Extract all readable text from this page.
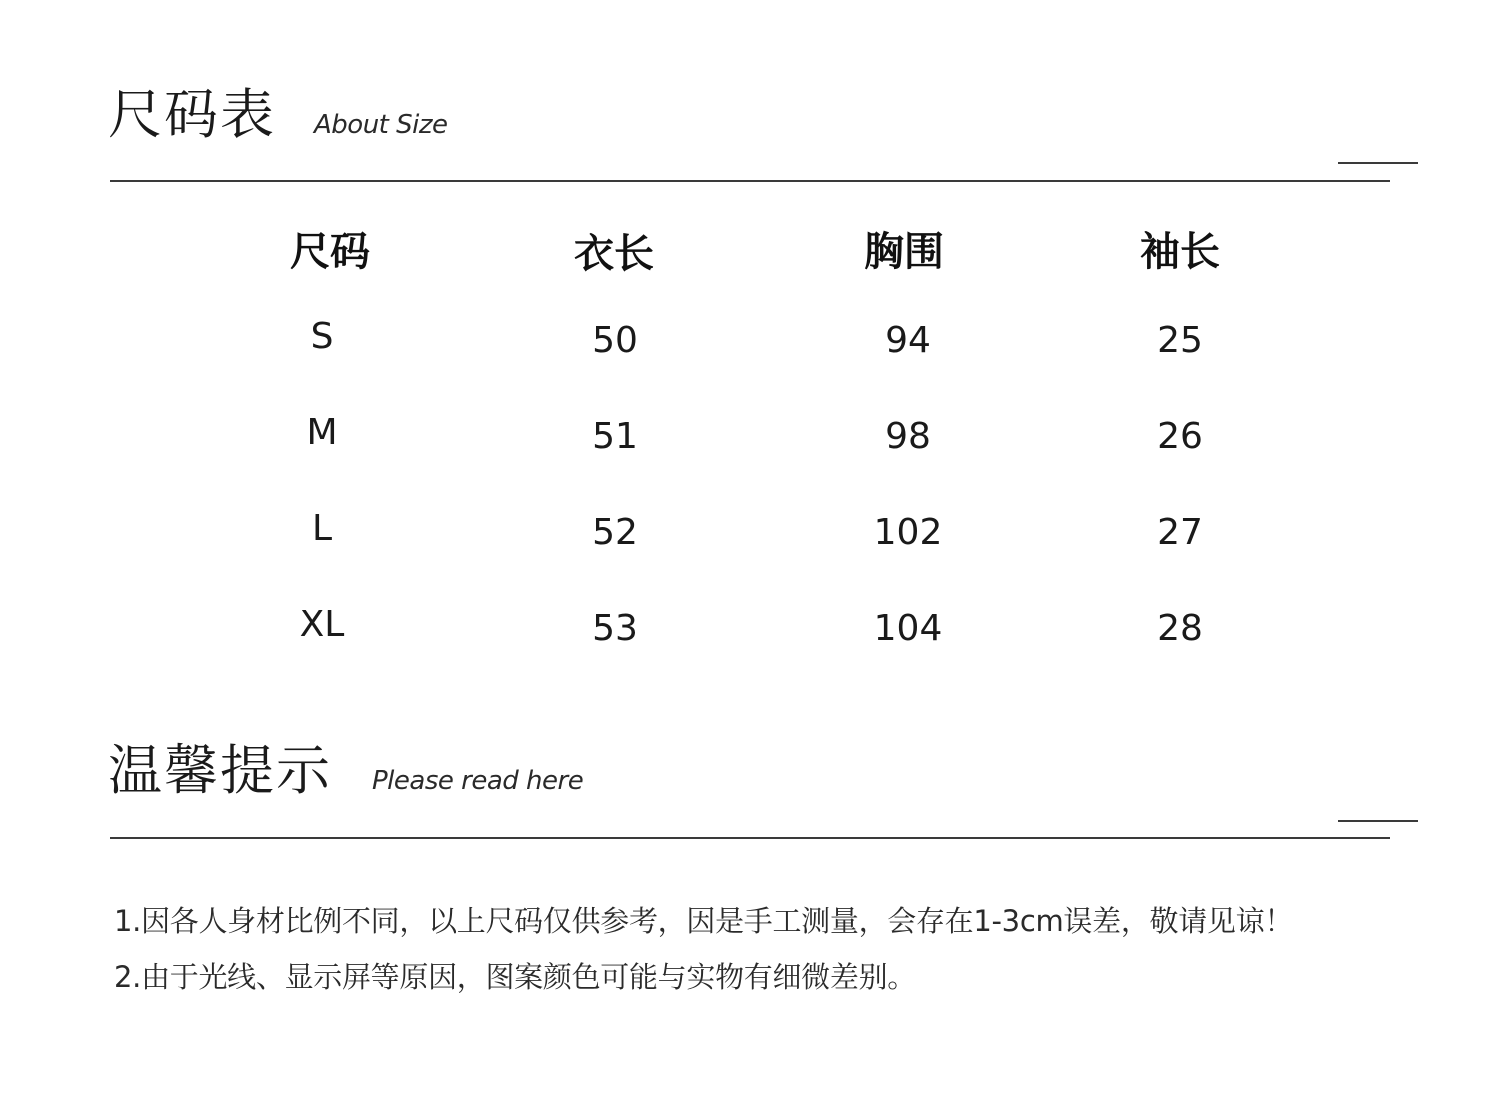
尺码表 About Size
尺码	衣长	胸围	袖长
S	50	94	25
M	51	98	26
L	52	102	27
XL	53	104	28
温馨提示 Please read here
1.因各人身材比例不同，以上尺码仅供参考，因是手工测量，会存在1-3cm误差，敬请见谅！
2.由于光线、显示屏等原因，图案颜色可能与实物有细微差别。
